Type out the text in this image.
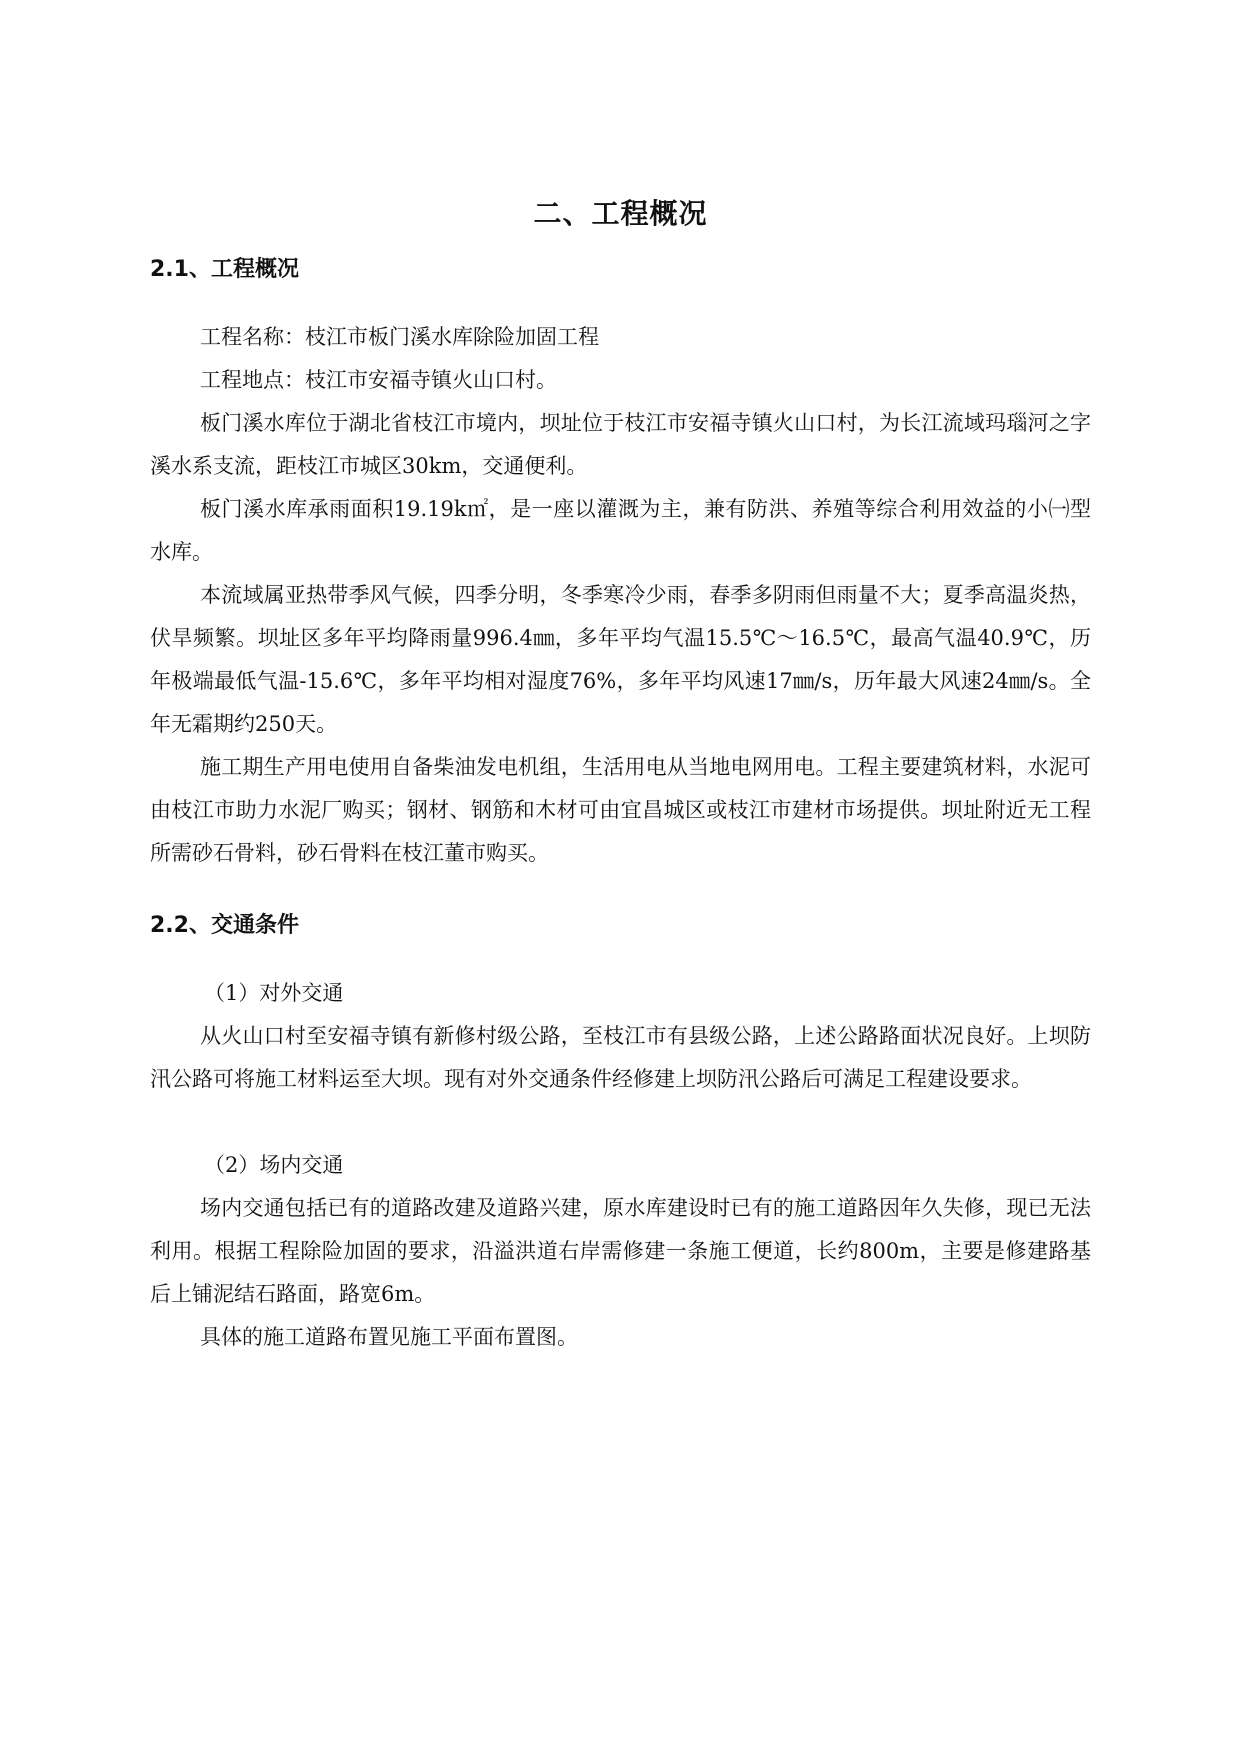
二、工程概况
2.1、工程概况

工程名称：枝江市板门溪水库除险加固工程

工程地点：枝江市安福寺镇火山口村。

板门溪水库位于湖北省枝江市境内，坝址位于枝江市安福寺镇火山口村，为长江流域玛瑙河之字溪水系支流，距枝江市城区30km，交通便利。

板门溪水库承雨面积19.19k㎡，是一座以灌溉为主，兼有防洪、养殖等综合利用效益的小㈠型水库。

本流域属亚热带季风气候，四季分明，冬季寒冷少雨，春季多阴雨但雨量不大；夏季高温炎热，伏旱频繁。坝址区多年平均降雨量996.4㎜，多年平均气温15.5℃～16.5℃，最高气温40.9℃，历年极端最低气温-15.6℃，多年平均相对湿度76%，多年平均风速17㎜/s，历年最大风速24㎜/s。全年无霜期约250天。

施工期生产用电使用自备柴油发电机组，生活用电从当地电网用电。工程主要建筑材料，水泥可由枝江市助力水泥厂购买；钢材、钢筋和木材可由宜昌城区或枝江市建材市场提供。坝址附近无工程所需砂石骨料，砂石骨料在枝江董市购买。

2.2、交通条件

（1）对外交通

从火山口村至安福寺镇有新修村级公路，至枝江市有县级公路，上述公路路面状况良好。上坝防汛公路可将施工材料运至大坝。现有对外交通条件经修建上坝防汛公路后可满足工程建设要求。

（2）场内交通

场内交通包括已有的道路改建及道路兴建，原水库建设时已有的施工道路因年久失修，现已无法利用。根据工程除险加固的要求，沿溢洪道右岸需修建一条施工便道，长约800m，主要是修建路基后上铺泥结石路面，路宽6m。

具体的施工道路布置见施工平面布置图。
